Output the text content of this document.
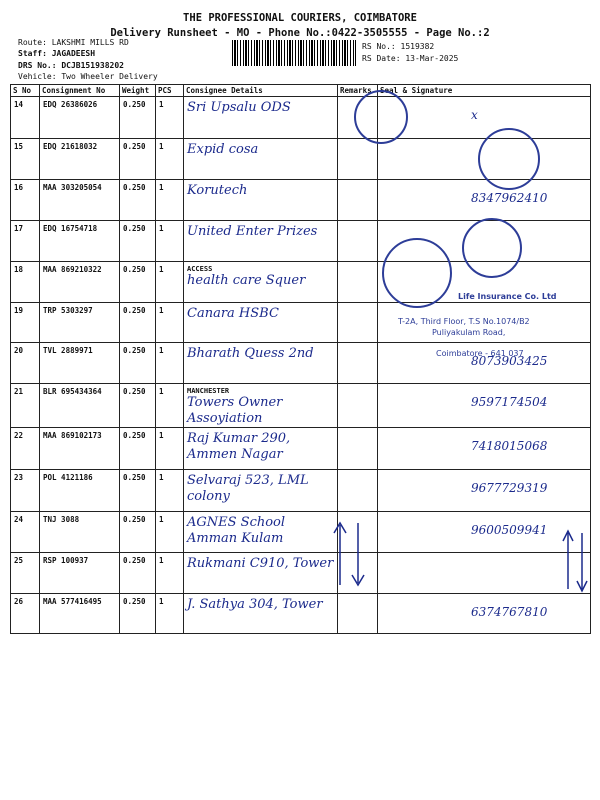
THE PROFESSIONAL COURIERS, COIMBATORE
Delivery Runsheet - MO - Phone No.:0422-3505555 - Page No.:2
Route: LAKSHMI MILLS RD
Staff: JAGADEESH
DRS No.: DCJB151938202
Vehicle: Two Wheeler Delivery
RS No.: 1519382
RS Date: 13-Mar-2025
S No	Consignment No	Weight	PCS	Consignee Details	Remarks	Seal & Signature
14	EDQ 26386026	0.250	1	Sri Upsalu ODS		x

15	EDQ 21618032	0.250	1	Expid cosa		

16	MAA 303205054	0.250	1	Korutech		8347962410

17	EDQ 16754718	0.250	1	United Enter Prizes		

18	MAA 869210322	0.250	1	ACCESS
health care Squer		

19	TRP 5303297	0.250	1	Canara HSBC		

20	TVL 2889971	0.250	1	Bharath Quess 2nd		8073903425

21	BLR 695434364	0.250	1	MANCHESTER
Towers Owner Assoyiation		9597174504

22	MAA 869102173	0.250	1	Raj Kumar 290, Ammen Nagar		7418015068

23	POL 4121186	0.250	1	Selvaraj 523, LML colony		9677729319

24	TNJ 3088	0.250	1	AGNES School Amman Kulam		9600509941

25	RSP 100937	0.250	1	Rukmani C910, Tower		

26	MAA 577416495	0.250	1	J. Sathya 304, Tower		6374767810
Life Insurance Co. Ltd
T-2A, Third Floor, T.S No.1074/B2
Puliyakulam Road,
Coimbatore - 641 037
